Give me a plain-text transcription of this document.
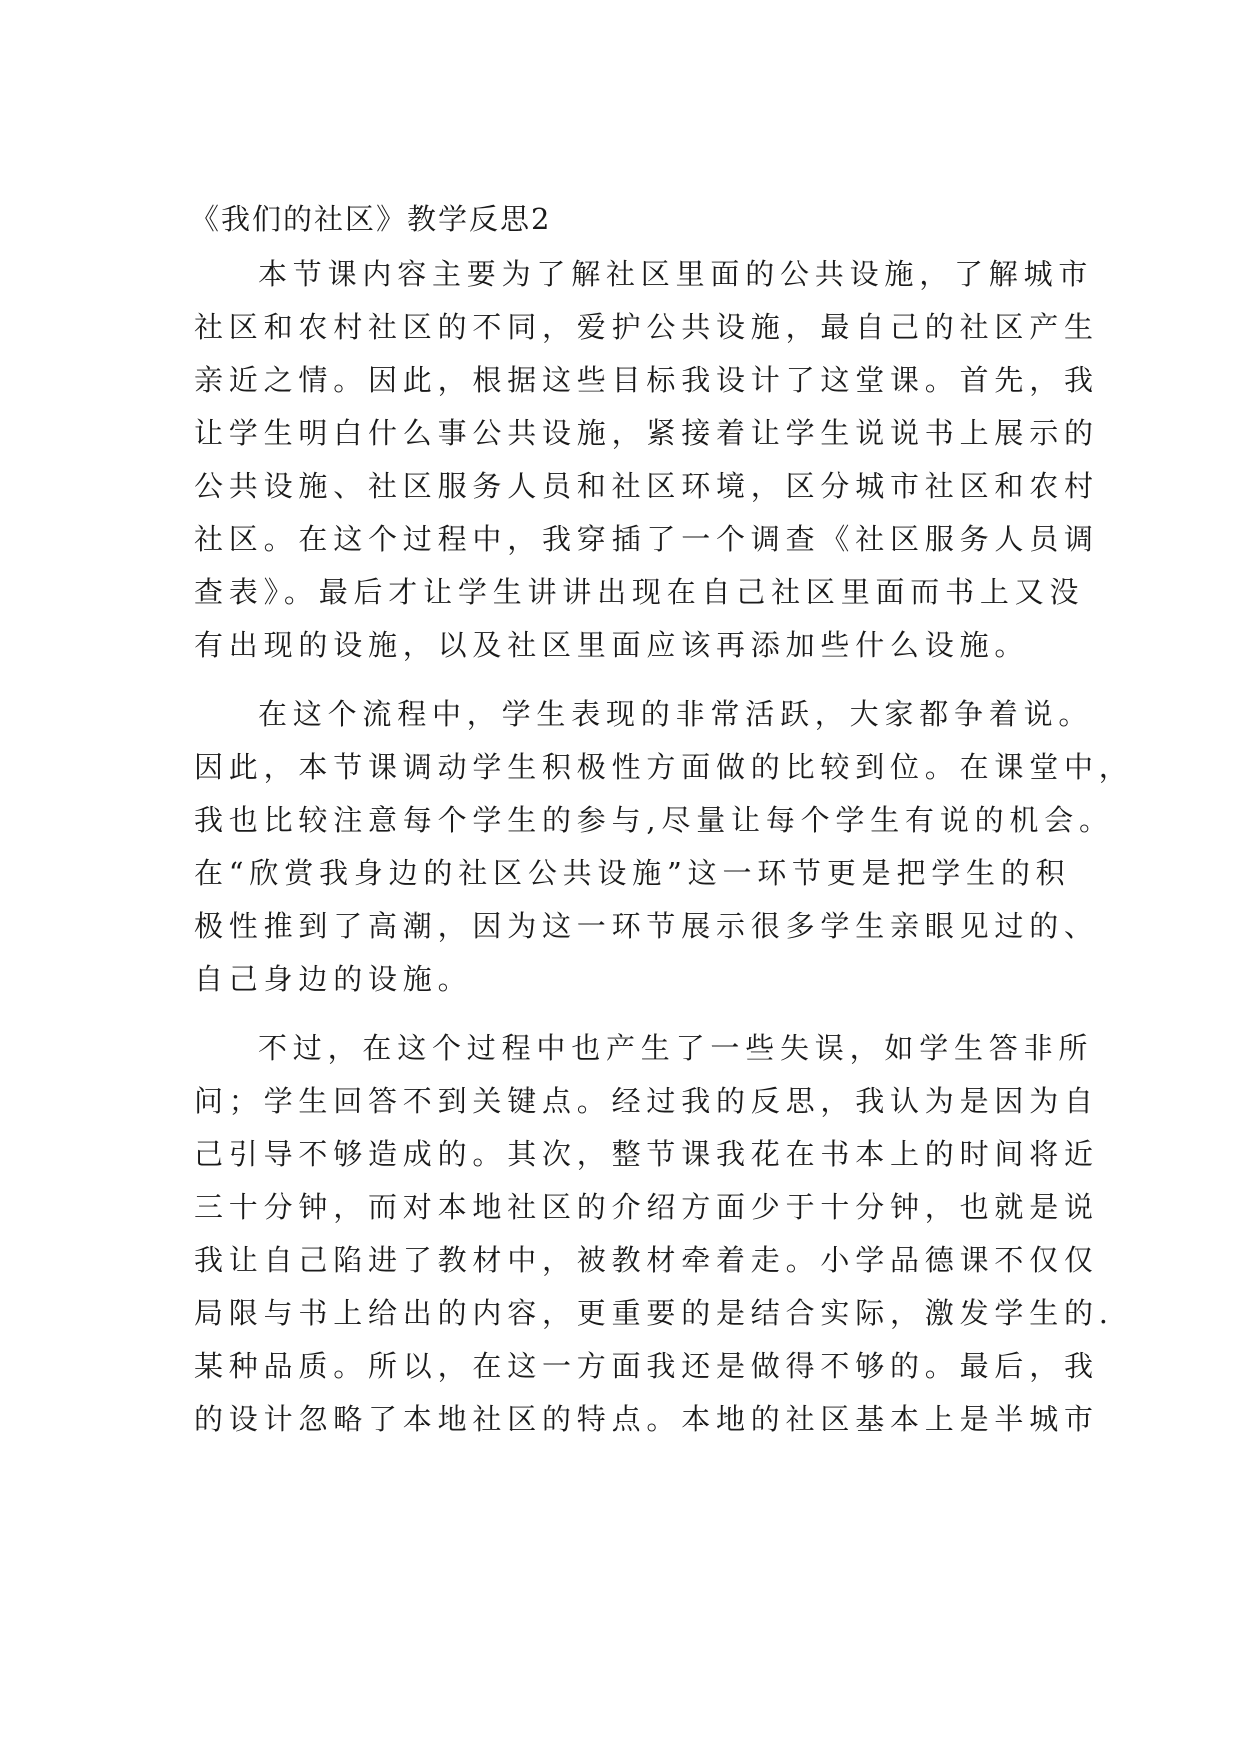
《我们的社区》教学反思2
本节课内容主要为了解社区里面的公共设施，了解城市
社区和农村社区的不同，爱护公共设施，最自己的社区产生
亲近之情。因此，根据这些目标我设计了这堂课。首先，我
让学生明白什么事公共设施，紧接着让学生说说书上展示的
公共设施、社区服务人员和社区环境，区分城市社区和农村
社区。在这个过程中，我穿插了一个调查《社区服务人员调
查表》。最后才让学生讲讲出现在自己社区里面而书上又没
有出现的设施，以及社区里面应该再添加些什么设施。
在这个流程中，学生表现的非常活跃，大家都争着说。
因此，本节课调动学生积极性方面做的比较到位。在课堂中，
我也比较注意每个学生的参与,尽量让每个学生有说的机会。
在“欣赏我身边的社区公共设施”这一环节更是把学生的积
极性推到了高潮，因为这一环节展示很多学生亲眼见过的、
自己身边的设施。
不过，在这个过程中也产生了一些失误，如学生答非所
问；学生回答不到关键点。经过我的反思，我认为是因为自
己引导不够造成的。其次，整节课我花在书本上的时间将近
三十分钟，而对本地社区的介绍方面少于十分钟，也就是说
我让自己陷进了教材中，被教材牵着走。小学品德课不仅仅
局限与书上给出的内容，更重要的是结合实际，激发学生的.
某种品质。所以，在这一方面我还是做得不够的。最后，我
的设计忽略了本地社区的特点。本地的社区基本上是半城市
